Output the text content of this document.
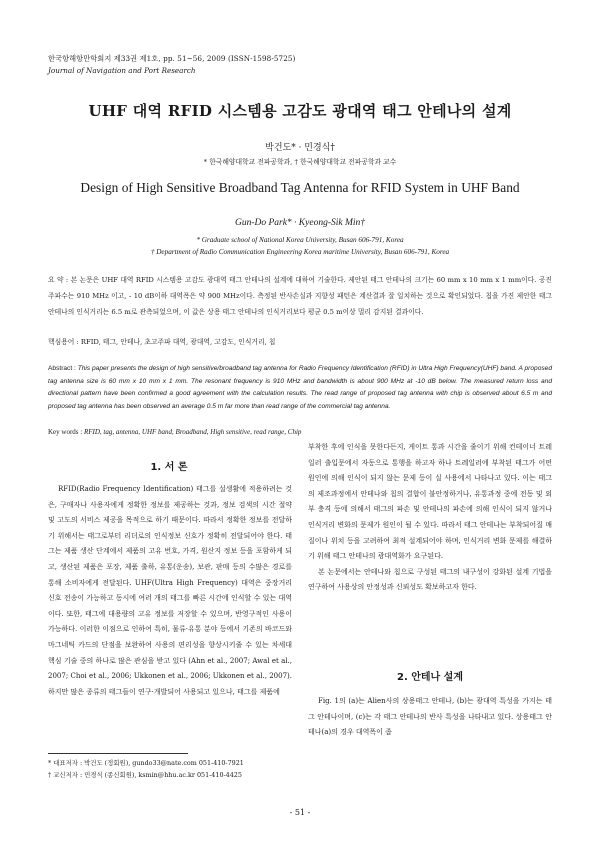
한국항해항만학회지 제33권 제1호, pp. 51~56, 2009 (ISSN-1598-5725)
Journal of Navigation and Port Research
UHF 대역 RFID 시스템용 고감도 광대역 태그 안테나의 설계
박건도* · 민경식†
* 한국해양대학교 전파공학과, † 한국해양대학교 전파공학과 교수
Design of High Sensitive Broadband Tag Antenna for RFID System in UHF Band
Gun-Do Park* · Kyeong-Sik Min†
* Graduate school of National Korea University, Busan 606-791, Korea
† Department of Radio Communication Engineering Korea maritime University, Busan 606-791, Korea
요 약 : 본 논문은 UHF 대역 RFID 시스템용 고감도 광대역 태그 안테나의 설계에 대하여 기술한다. 제안된 태그 안테나의 크기는 60 mm x 10 mm x 1 mm이다. 공진 주파수는 910 MHz 이고, - 10 dB이하 대역폭은 약 900 MHz이다. 측정된 반사손실과 지향성 패턴은 계산결과 잘 일치하는 것으로 확인되었다. 칩을 가진 제안한 태그 안테나의 인식거리는 6.5 m로 관측되었으며, 이 값은 상용 태그 안테나의 인식거리보다 평균 0.5 m이상 멀리 감지된 결과이다.
핵심용어 : RFID, 태그, 안테나, 초고주파 대역, 광대역, 고감도, 인식거리, 칩
Abstract : This paper presents the design of high sensitive/broadband tag antenna for Radio Frequency Identification (RFID) in Ultra High Frequency(UHF) band. A proposed tag antenna size is 60 mm x 10 mm x 1 mm. The resonant frequency is 910 MHz and bandwidth is about 900 MHz at -10 dB below. The measured return loss and directional pattern have been confirmed a good agreement with the calculation results. The read range of proposed tag antenna with chip is observed about 6.5 m and proposed tag antenna has been observed an average 0.5 m far more than read range of the commercial tag antenna.
Key words : RFID, tag, antenna, UHF band, Broadband, High sensitive, read range, Chip
1. 서 론

RFID(Radio Frequency Identification) 태그를 설생활에 적용하려는 것은, 구매자나 사용자에게 정확한 정보를 제공하는 것과, 정보 검색의 시간 절약 및 고도의 서비스 제공을 목적으로 하기 때문이다. 따라서 정확한 정보를 전달하기 위해서는 태그로부터 리더로의 인식정보 신호가 정확히 전달되어야 한다. 태그는 제품 생산 단계에서 제품의 고유 번호, 가격, 원산지 정보 등을 포함하게 되고, 생산된 제품은 포장, 제품 출하, 유통(운송), 보관, 판매 등의 수많은 경로를 통해 소비자에게 전달된다. UHF(Ultra High Frequency) 대역은 중장거리 신호 전송이 가능하고 동시에 여러 개의 태그를 빠른 시간에 인식할 수 있는 대역이다. 또한, 태그에 대용량의 고유 정보를 저장할 수 있으며, 반영구적인 사용이 가능하다. 이러한 이점으로 인하여 특히, 물류·유통 분야 등에서 기존의 바코드와 마그네틱 카드의 단점을 보완하여 사용의 편리성을 향상시키줄 수 있는 차세대 핵심 기술 중의 하나로 많은 관심을 받고 있다 (Ahn et al., 2007; Awal et al., 2007; Choi et al., 2006; Ukkonen et al., 2006; Ukkonen et al., 2007). 하지만 많은 종류의 태그들이 연구·개발되어 사용되고 있으나, 태그를 제품에

부착한 후에 인식을 못한다든지, 게이트 통과 시간을 줄이기 위해 컨테이너 트레일러 출입문에서 자동으로 통행을 하고자 하나 트레일러에 부착된 태그가 어떤 원인에 의해 인식이 되지 않는 문제 등이 실 사용에서 나타나고 있다. 이는 태그의 제조과정에서 안테나와 칩의 결합이 불안정하거나, 유통과정 중에 전동 및 외부 충격 등에 의해서 태그의 파손 및 안테나의 파손에 의해 인식이 되지 않거나 인식거리 변화의 문제가 원인이 될 수 있다. 따라서 태그 안테나는 부착되어질 매질이나 위치 등을 고려하여 최적 설계되어야 하며, 인식거리 변화 문제를 해결하기 위해 태그 안테나의 광대역화가 요구된다.

본 논문에서는 안테나와 칩으로 구성된 태그의 내구성이 강화된 설계 기법을 연구하여 사용상의 안정성과 신뢰성도 확보하고자 한다.

2. 안테나 설계

Fig. 1의 (a)는 Alien사의 상용태그 안테나, (b)는 광대역 특성을 가지는 태그 안테나이며, (c)는 각 태그 안테나의 반사 특성을 나타내고 있다. 상용태그 안테나(a)의 경우 대역폭이 좁

* 대표저자 : 박건도 (정회원), gundo33@nate.com 051-410-7921
† 교신저자 : 민경식 (종신회원), ksmin@hhu.ac.kr 051-410-4425
- 51 -
